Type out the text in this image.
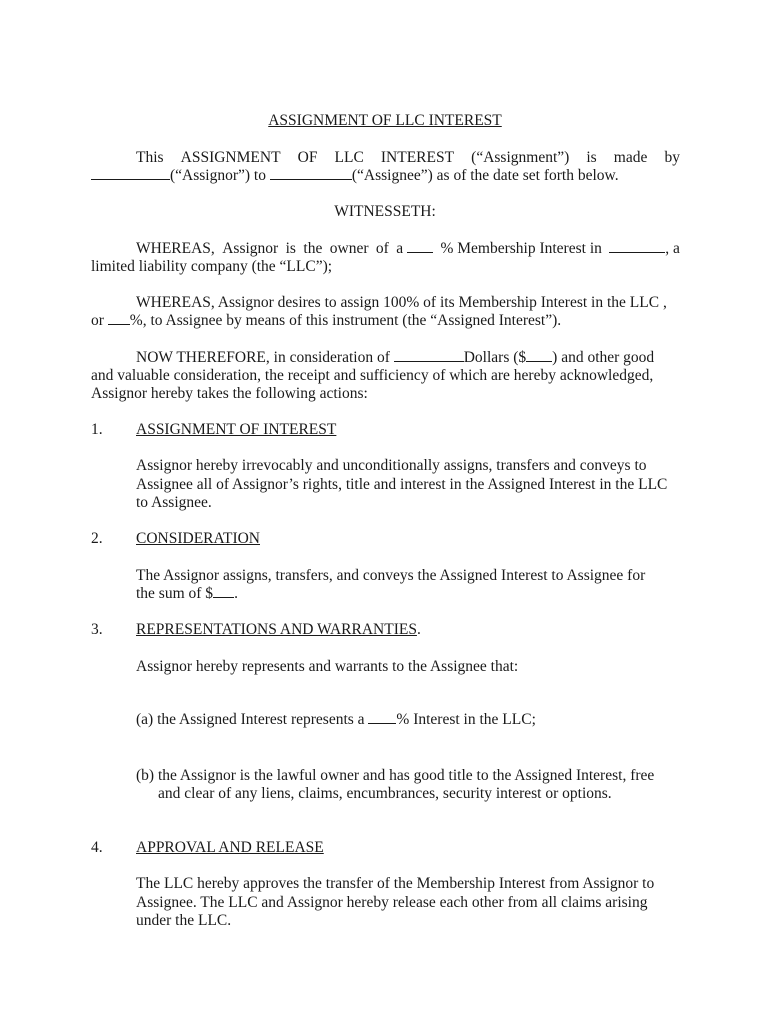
ASSIGNMENT OF LLC INTEREST
This ASSIGNMENT OF LLC INTEREST (“Assignment”) is made by
(“Assignor”) to	(“Assignee”) as of the date set forth below.
WITNESSETH:
WHEREAS, Assignor is the owner of a	% Membership Interest in	, a
limited liability company (the “LLC”);
WHEREAS, Assignor desires to assign 100% of its Membership Interest in the LLC ,
or %, to Assignee by means of this instrument (the “Assigned Interest”).
NOW THEREFORE, in consideration of	Dollars ($ ) and other good
and valuable consideration, the receipt and sufficiency of which are hereby acknowledged,
Assignor hereby takes the following actions:
1. ASSIGNMENT OF INTEREST
Assignor hereby irrevocably and unconditionally assigns, transfers and conveys to
Assignee all of Assignor’s rights, title and interest in the Assigned Interest in the LLC
to Assignee.
2. CONSIDERATION
The Assignor assigns, transfers, and conveys the Assigned Interest to Assignee for
the sum of $ .
3. REPRESENTATIONS AND WARRANTIES.
Assignor hereby represents and warrants to the Assignee that:
(a) the Assigned Interest represents a % Interest in the LLC;
(b) the Assignor is the lawful owner and has good title to the Assigned Interest, free
and clear of any liens, claims, encumbrances, security interest or options.
4. APPROVAL AND RELEASE
The LLC hereby approves the transfer of the Membership Interest from Assignor to
Assignee. The LLC and Assignor hereby release each other from all claims arising
under the LLC.
